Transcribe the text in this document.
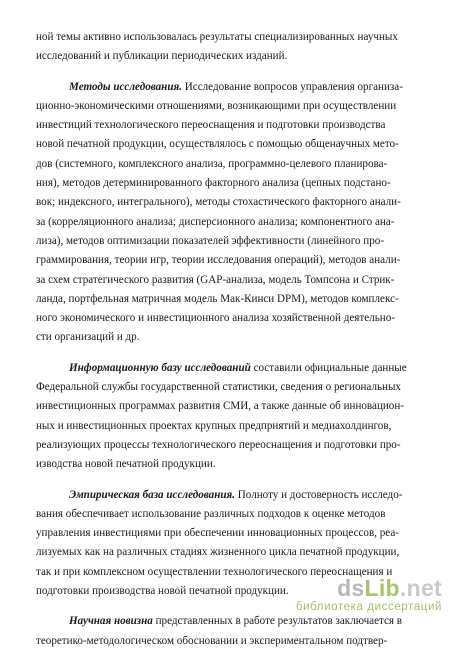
ной темы активно использовалась результаты специализированных научных
исследований и публикации периодических изданий.
Методы исследования. Исследование вопросов управления организа-
ционно-экономическими отношениями, возникающими при осуществлении
инвестиций технологического переоснащения и подготовки производства
новой печатной продукции, осуществлялось с помощью общенаучных мето-
дов (системного, комплексного анализа, программно-целевого планирова-
ния), методов детерминированного факторного анализа (цепных подстано-
вок; индексного, интегрального), методы стохастического факторного анали-
за (корреляционного анализа; дисперсионного анализа; компонентного ана-
лиза), методов оптимизации показателей эффективности (линейного про-
граммирования, теории игр, теории исследования операций), методов анали-
за схем стратегического развития (GAP-анализа, модель Томпсона и Стрик-
ланда, портфельная матричная модель Мак-Кинси DPM), методов комплекс-
ного экономического и инвестиционного анализа хозяйственной деятельно-
сти организаций и др.
Информационную базу исследований составили официальные данные
Федеральной службы государственной статистики, сведения о региональных
инвестиционных программах развития СМИ, а также данные об инновацион-
ных и инвестиционных проектах крупных предприятий и медиахолдингов,
реализующих процессы технологического переоснащения и подготовки про-
изводства новой печатной продукции.
Эмпирическая база исследования. Полноту и достоверность исследо-
вания обеспечивает использование различных подходов к оценке методов
управления инвестициями при обеспечении инновационных процессов, реа-
лизуемых как на различных стадиях жизненного цикла печатной продукции,
так и при комплексном осуществлении технологического переоснащения и
подготовки производства новой печатной продукции.
Научная новизна представленных в работе результатов заключается в
теоретико-методологическом обосновании и экспериментальном подтвер-
dsLib.net
библиотека диссертаций
